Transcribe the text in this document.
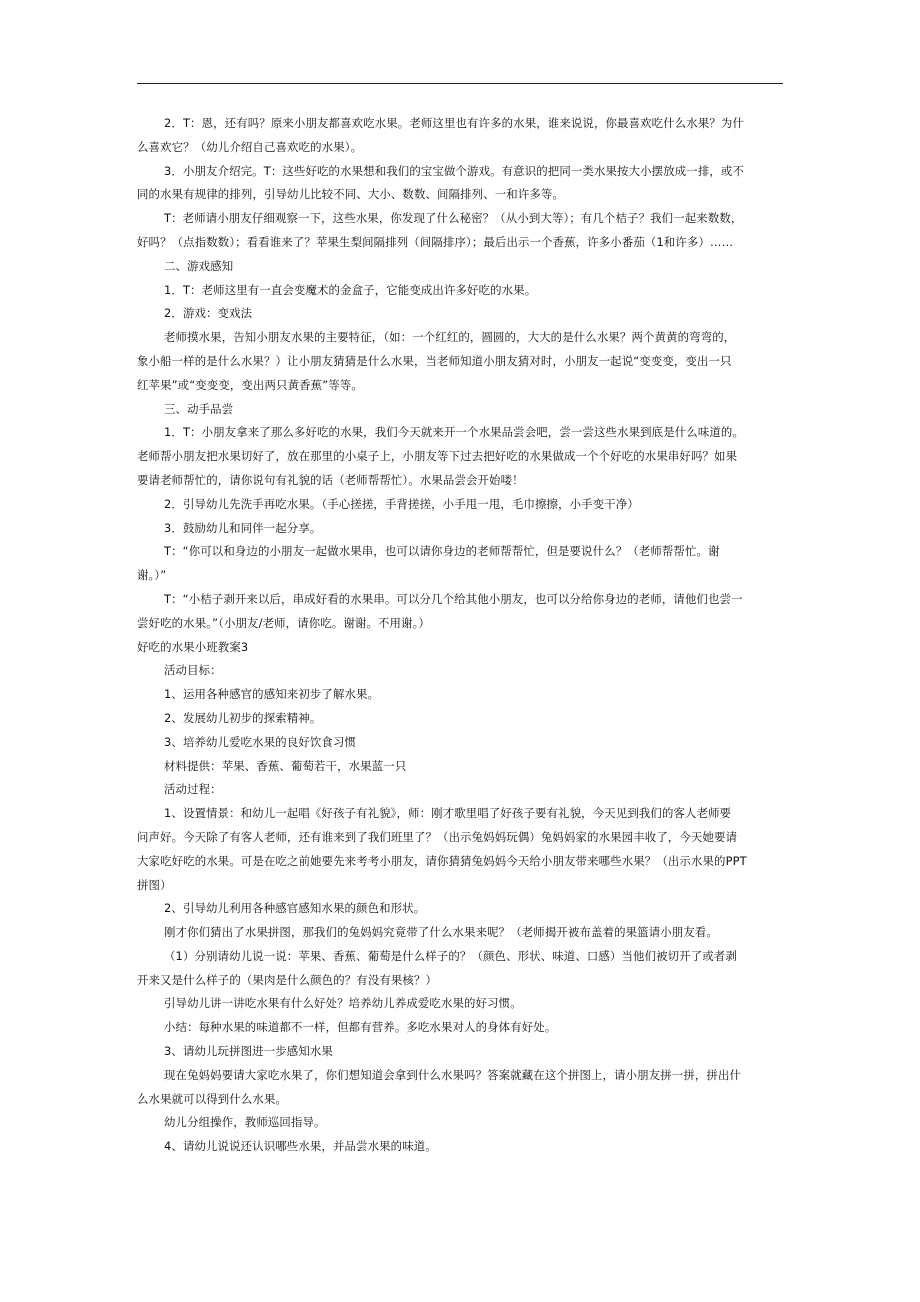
2．T：恩，还有吗？原来小朋友都喜欢吃水果。老师这里也有许多的水果，谁来说说，你最喜欢吃什么水果？为什
么喜欢它？（幼儿介绍自己喜欢吃的水果）。

3．小朋友介绍完。T：这些好吃的水果想和我们的宝宝做个游戏。有意识的把同一类水果按大小摆放成一排，或不
同的水果有规律的排列，引导幼儿比较不同、大小、数数、间隔排列、一和许多等。

T：老师请小朋友仔细观察一下，这些水果，你发现了什么秘密？（从小到大等）；有几个桔子？我们一起来数数，
好吗？（点指数数）；看看谁来了？苹果生梨间隔排列（间隔排序）；最后出示一个香蕉，许多小番茄（1和许多）……

二、游戏感知

1．T：老师这里有一直会变魔术的金盒子，它能变成出许多好吃的水果。

2．游戏：变戏法

老师摸水果，告知小朋友水果的主要特征，（如：一个红红的，圆圆的，大大的是什么水果？两个黄黄的弯弯的，
象小船一样的是什么水果？）让小朋友猜猜是什么水果，当老师知道小朋友猜对时，小朋友一起说“变变变，变出一只
红苹果”或“变变变，变出两只黄香蕉”等等。

三、动手品尝

1．T：小朋友拿来了那么多好吃的水果，我们今天就来开一个水果品尝会吧，尝一尝这些水果到底是什么味道的。
老师帮小朋友把水果切好了，放在那里的小桌子上，小朋友等下过去把好吃的水果做成一个个好吃的水果串好吗？如果
要请老师帮忙的，请你说句有礼貌的话（老师帮帮忙）。水果品尝会开始喽！

2．引导幼儿先洗手再吃水果。（手心搓搓，手背搓搓，小手甩一甩，毛巾擦擦，小手变干净）

3．鼓励幼儿和同伴一起分享。

T：“你可以和身边的小朋友一起做水果串，也可以请你身边的老师帮帮忙，但是要说什么？（老师帮帮忙。谢
谢。）”

T：“小桔子剥开来以后，串成好看的水果串。可以分几个给其他小朋友，也可以分给你身边的老师，请他们也尝一
尝好吃的水果。”（小朋友/老师，请你吃。谢谢。不用谢。）

好吃的水果小班教案3

活动目标：

1、运用各种感官的感知来初步了解水果。

2、发展幼儿初步的探索精神。

3、培养幼儿爱吃水果的良好饮食习惯

材料提供：苹果、香蕉、葡萄若干，水果蓝一只

活动过程：

1、设置情景：和幼儿一起唱《好孩子有礼貌》，师：刚才歌里唱了好孩子要有礼貌，今天见到我们的客人老师要
问声好。今天除了有客人老师，还有谁来到了我们班里了？（出示兔妈妈玩偶）兔妈妈家的水果园丰收了，今天她要请
大家吃好吃的水果。可是在吃之前她要先来考考小朋友，请你猜猜兔妈妈今天给小朋友带来哪些水果？（出示水果的PPT
拼图）

2、引导幼儿利用各种感官感知水果的颜色和形状。

刚才你们猜出了水果拼图，那我们的兔妈妈究竟带了什么水果来呢？（老师揭开被布盖着的果篮请小朋友看。

（1）分别请幼儿说一说：苹果、香蕉、葡萄是什么样子的？（颜色、形状、味道、口感）当他们被切开了或者剥
开来又是什么样子的（果肉是什么颜色的？有没有果核？）

引导幼儿讲一讲吃水果有什么好处？培养幼儿养成爱吃水果的好习惯。

小结：每种水果的味道都不一样，但都有营养。多吃水果对人的身体有好处。

3、请幼儿玩拼图进一步感知水果

现在兔妈妈要请大家吃水果了，你们想知道会拿到什么水果吗？答案就藏在这个拼图上，请小朋友拼一拼，拼出什
么水果就可以得到什么水果。

幼儿分组操作，教师巡回指导。

4、请幼儿说说还认识哪些水果，并品尝水果的味道。
